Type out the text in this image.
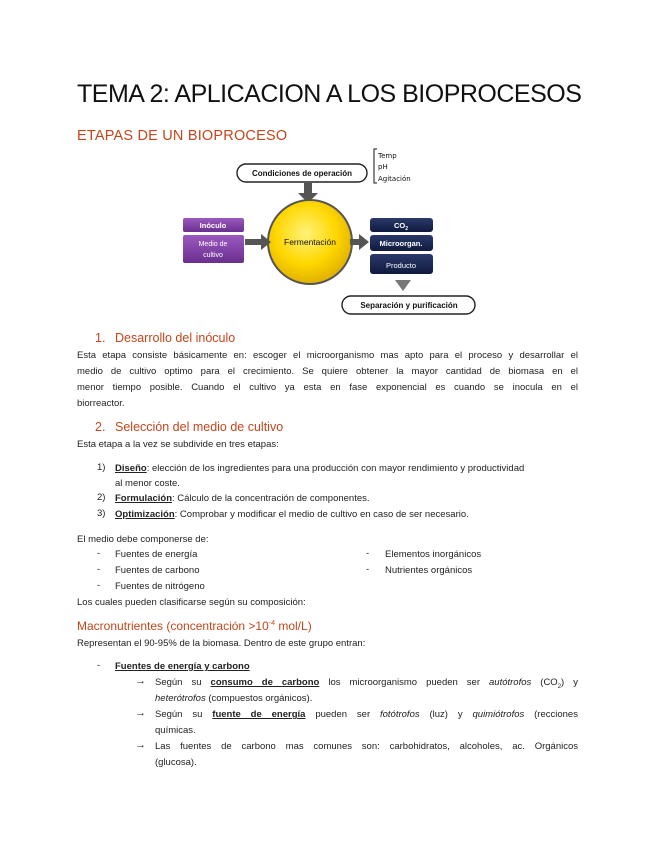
TEMA 2: APLICACION A LOS BIOPROCESOS
ETAPAS DE UN BIOPROCESO
Condiciones de operación
Temp
pH
Agitación
Fermentación
Inóculo
Medio de
cultivo
$CO_2$
Microorgan.
Producto
Separación y purificación
1. Desarrollo del inóculo
Esta etapa consiste básicamente en: escoger el microorganismo mas apto para el proceso y desarrollar el
medio de cultivo optimo para el crecimiento. Se quiere obtener la mayor cantidad de biomasa en el
menor tiempo posible. Cuando el cultivo ya esta en fase exponencial es cuando se inocula en el
biorreactor.
2. Selección del medio de cultivo
Esta etapa a la vez se subdivide en tres etapas:
1) Diseño: elección de los ingredientes para una producción con mayor rendimiento y productividad
al menor coste.
2) Formulación: Cálculo de la concentración de componentes.
3) Optimización: Comprobar y modificar el medio de cultivo en caso de ser necesario.
El medio debe componerse de:
- Fuentes de energía
- Fuentes de carbono
- Fuentes de nitrógeno
- Elementos inorgánicos
- Nutrientes orgánicos
Los cuales pueden clasificarse según su composición:
Macronutrientes (concentración $>10^{-4}$ mol/L)
Representan el 90-95% de la biomasa. Dentro de este grupo entran:
- Fuentes de energía y carbono
→ Según su consumo de carbono los microorganismo pueden ser autótrofos $(CO_2)$ y
heterótrofos (compuestos orgánicos).
→ Según su fuente de energía pueden ser fotótrofos (luz) y quimiótrofos (recciones
químicas.
→ Las fuentes de carbono mas comunes son: carbohidratos, alcoholes, ac. Orgánicos
(glucosa).
